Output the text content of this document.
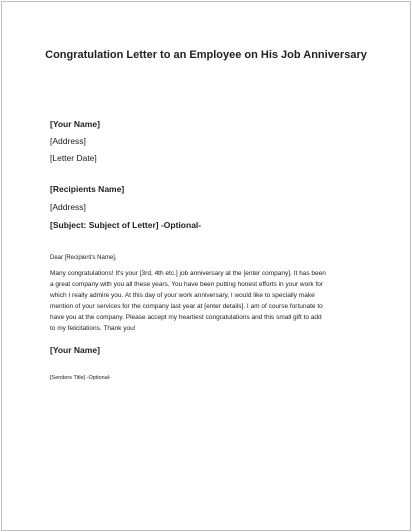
Congratulation Letter to an Employee on His Job Anniversary

[Your Name]

[Address]

[Letter Date]

[Recipients Name]

[Address]

[Subject: Subject of Letter] -Optional-

Dear [Recipient's Name],

Many congratulations! It's your [3rd, 4th etc.] job anniversary at the [enter company]. It has been
a great company with you all these years. You have been putting honest efforts in your work for
which I really admire you. At this day of your work anniversary, I would like to specially make
mention of your services for the company last year at [enter details]. I am of course fortunate to
have you at the company. Please accept my heartiest congratulations and this small gift to add
to my felicitations. Thank you!

[Your Name]

[Senders Title] -Optional-
